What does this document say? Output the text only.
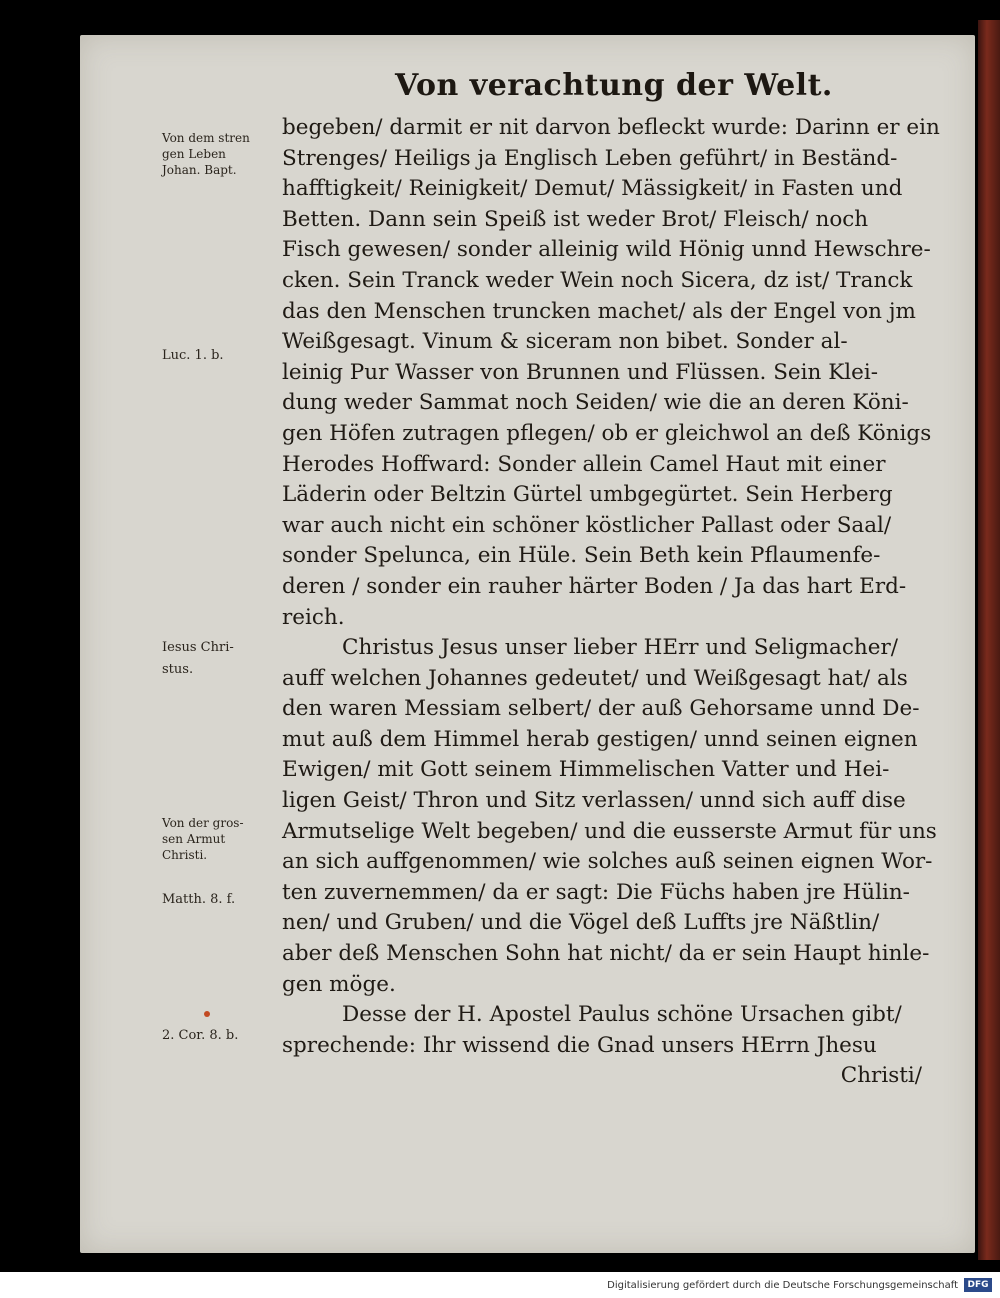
Von verachtung der Welt.
Von dem stren
gen Leben
Johan. Bapt.
Luc. 1. b.
Iesus Chri-
stus.
Von der gros-
sen Armut
Christi.
Matth. 8. f.
2. Cor. 8. b.
begeben/ darmit er nit darvon befleckt wurde: Darinn er ein
Strenges/ Heiligs ja Englisch Leben geführt/ in Beständ-
hafftigkeit/ Reinigkeit/ Demut/ Mässigkeit/ in Fasten und
Betten. Dann sein Speiß ist weder Brot/ Fleisch/ noch
Fisch gewesen/ sonder alleinig wild Hönig unnd Hewschre-
cken. Sein Tranck weder Wein noch Sicera, dz ist/ Tranck
das den Menschen truncken machet/ als der Engel von jm
Weißgesagt. Vinum & siceram non bibet. Sonder al-
leinig Pur Wasser von Brunnen und Flüssen. Sein Klei-
dung weder Sammat noch Seiden/ wie die an deren Köni-
gen Höfen zutragen pflegen/ ob er gleichwol an deß Königs
Herodes Hoffward: Sonder allein Camel Haut mit einer
Läderin oder Beltzin Gürtel umbgegürtet. Sein Herberg
war auch nicht ein schöner köstlicher Pallast oder Saal/
sonder Spelunca, ein Hüle. Sein Beth kein Pflaumenfe-
deren / sonder ein rauher härter Boden / Ja das hart Erd-
reich.
Christus Jesus unser lieber HErr und Seligmacher/
auff welchen Johannes gedeutet/ und Weißgesagt hat/ als
den waren Messiam selbert/ der auß Gehorsame unnd De-
mut auß dem Himmel herab gestigen/ unnd seinen eignen
Ewigen/ mit Gott seinem Himmelischen Vatter und Hei-
ligen Geist/ Thron und Sitz verlassen/ unnd sich auff dise
Armutselige Welt begeben/ und die eusserste Armut für uns
an sich auffgenommen/ wie solches auß seinen eignen Wor-
ten zuvernemmen/ da er sagt: Die Füchs haben jre Hülin-
nen/ und Gruben/ und die Vögel deß Luffts jre Näßtlin/
aber deß Menschen Sohn hat nicht/ da er sein Haupt hinle-
gen möge.
Desse der H. Apostel Paulus schöne Ursachen gibt/
sprechende: Ihr wissend die Gnad unsers HErrn Jhesu
Christi/
Digitalisierung gefördert durch die Deutsche Forschungsgemeinschaft	DFG
